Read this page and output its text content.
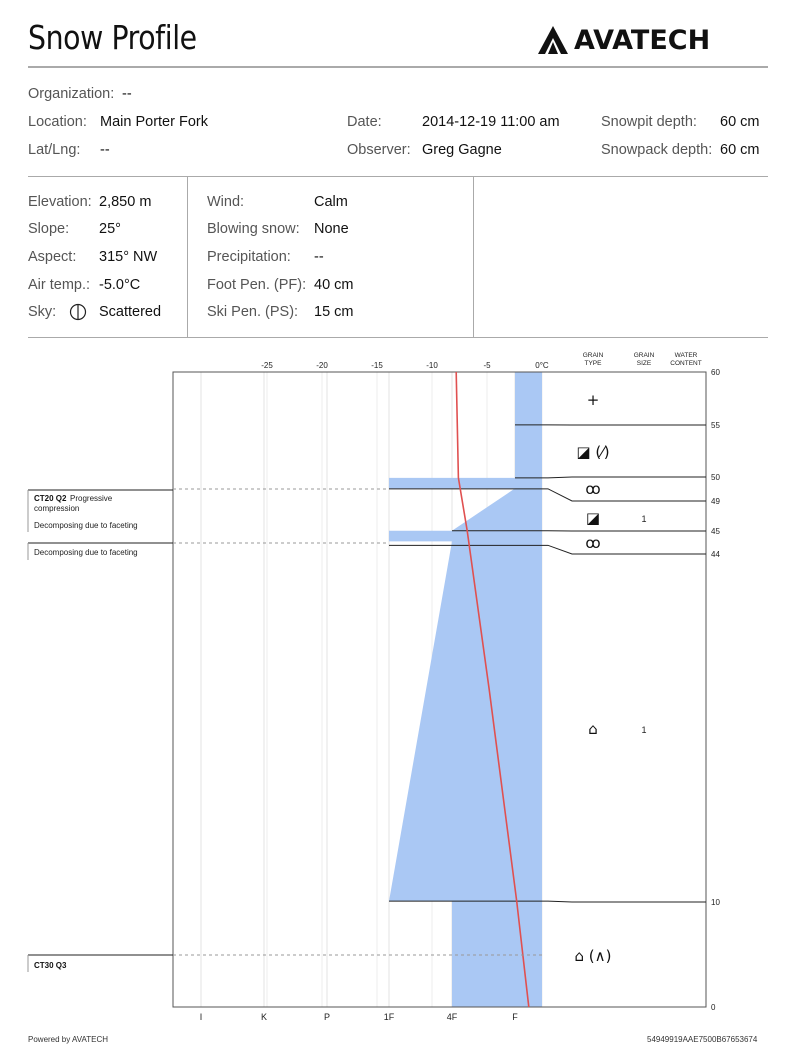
Snow Profile	AVATECH
Organization: --
Location: Main Porter Fork	Date:	2014-12-19 11:00 am	Snowpit depth: 60 cm
Lat/Lng: --	Observer: Greg Gagne	Snowpack depth: 60 cm
Elevation: 2,850 m
Slope: 25°
Aspect: 315° NW
Air temp.: -5.0°C
Sky:	Scattered
Wind:	Calm
Blowing snow: None
Precipitation: --
Foot Pen. (PF): 40 cm
Ski Pen. (PS): 15 cm
-25	-20	-15	-10	-5	0°C
GRAIN
TYPE
GRAIN
SIZE
WATER
CONTENT
I	K	P	1F	4F	F
60
55
50
49
45
44
10
0
+
◪ (⁄)
ꝏ
◪	1
ꝏ
⌂	1
⌂ (∧)
CT20 Q2 Progressive
compression
Decomposing due to faceting
Decomposing due to faceting
CT30 Q3
Powered by AVATECH	54949919AAE7500B67653674
